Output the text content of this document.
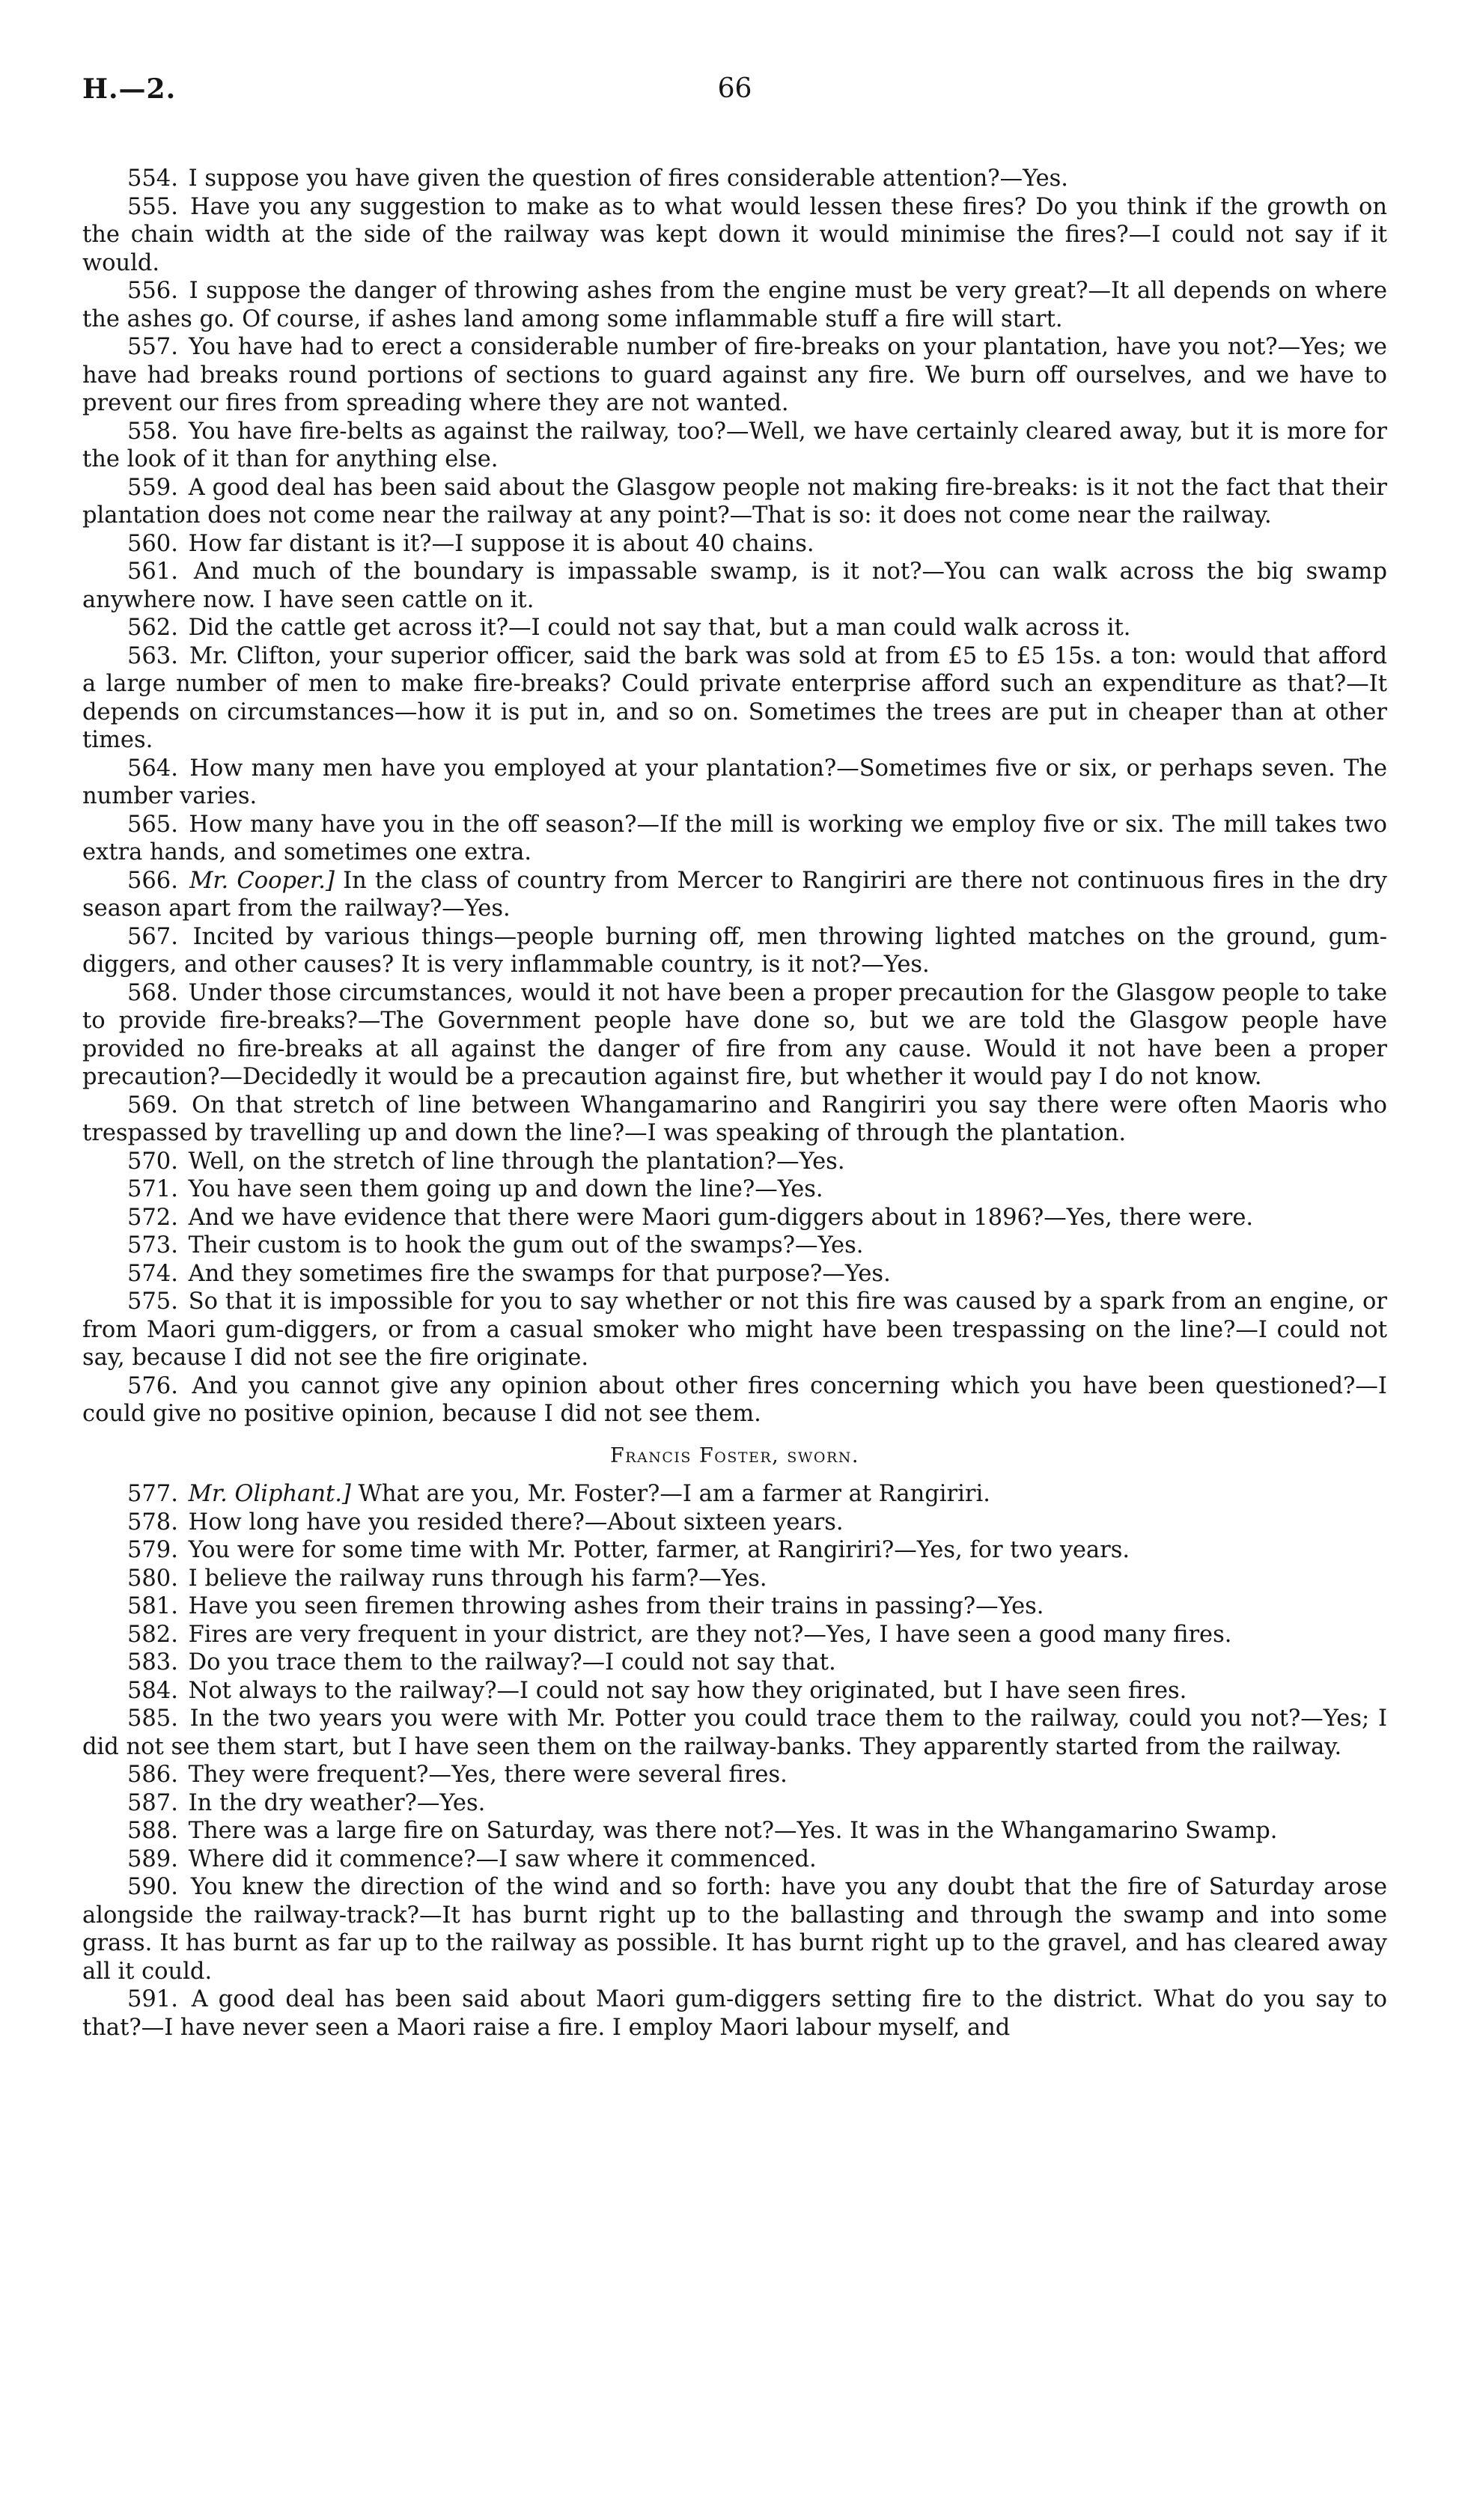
H.—2.	66

554. I suppose you have given the question of fires considerable attention?—Yes.

555. Have you any suggestion to make as to what would lessen these fires? Do you think if the growth on the chain width at the side of the railway was kept down it would minimise the fires?—I could not say if it would.

556. I suppose the danger of throwing ashes from the engine must be very great?—It all depends on where the ashes go. Of course, if ashes land among some inflammable stuff a fire will start.

557. You have had to erect a considerable number of fire-breaks on your plantation, have you not?—Yes; we have had breaks round portions of sections to guard against any fire. We burn off ourselves, and we have to prevent our fires from spreading where they are not wanted.

558. You have fire-belts as against the railway, too?—Well, we have certainly cleared away, but it is more for the look of it than for anything else.

559. A good deal has been said about the Glasgow people not making fire-breaks: is it not the fact that their plantation does not come near the railway at any point?—That is so: it does not come near the railway.

560. How far distant is it?—I suppose it is about 40 chains.

561. And much of the boundary is impassable swamp, is it not?—You can walk across the big swamp anywhere now. I have seen cattle on it.

562. Did the cattle get across it?—I could not say that, but a man could walk across it.

563. Mr. Clifton, your superior officer, said the bark was sold at from £5 to £5 15s. a ton: would that afford a large number of men to make fire-breaks? Could private enterprise afford such an expenditure as that?—It depends on circumstances—how it is put in, and so on. Sometimes the trees are put in cheaper than at other times.

564. How many men have you employed at your plantation?—Sometimes five or six, or perhaps seven. The number varies.

565. How many have you in the off season?—If the mill is working we employ five or six. The mill takes two extra hands, and sometimes one extra.

566. Mr. Cooper.] In the class of country from Mercer to Rangiriri are there not continuous fires in the dry season apart from the railway?—Yes.

567. Incited by various things—people burning off, men throwing lighted matches on the ground, gum-diggers, and other causes? It is very inflammable country, is it not?—Yes.

568. Under those circumstances, would it not have been a proper precaution for the Glasgow people to take to provide fire-breaks?—The Government people have done so, but we are told the Glasgow people have provided no fire-breaks at all against the danger of fire from any cause. Would it not have been a proper precaution?—Decidedly it would be a precaution against fire, but whether it would pay I do not know.

569. On that stretch of line between Whangamarino and Rangiriri you say there were often Maoris who trespassed by travelling up and down the line?—I was speaking of through the plantation.

570. Well, on the stretch of line through the plantation?—Yes.

571. You have seen them going up and down the line?—Yes.

572. And we have evidence that there were Maori gum-diggers about in 1896?—Yes, there were.

573. Their custom is to hook the gum out of the swamps?—Yes.

574. And they sometimes fire the swamps for that purpose?—Yes.

575. So that it is impossible for you to say whether or not this fire was caused by a spark from an engine, or from Maori gum-diggers, or from a casual smoker who might have been trespassing on the line?—I could not say, because I did not see the fire originate.

576. And you cannot give any opinion about other fires concerning which you have been questioned?—I could give no positive opinion, because I did not see them.

Francis Foster, sworn.

577. Mr. Oliphant.] What are you, Mr. Foster?—I am a farmer at Rangiriri.

578. How long have you resided there?—About sixteen years.

579. You were for some time with Mr. Potter, farmer, at Rangiriri?—Yes, for two years.

580. I believe the railway runs through his farm?—Yes.

581. Have you seen firemen throwing ashes from their trains in passing?—Yes.

582. Fires are very frequent in your district, are they not?—Yes, I have seen a good many fires.

583. Do you trace them to the railway?—I could not say that.

584. Not always to the railway?—I could not say how they originated, but I have seen fires.

585. In the two years you were with Mr. Potter you could trace them to the railway, could you not?—Yes; I did not see them start, but I have seen them on the railway-banks. They apparently started from the railway.

586. They were frequent?—Yes, there were several fires.

587. In the dry weather?—Yes.

588. There was a large fire on Saturday, was there not?—Yes. It was in the Whangamarino Swamp.

589. Where did it commence?—I saw where it commenced.

590. You knew the direction of the wind and so forth: have you any doubt that the fire of Saturday arose alongside the railway-track?—It has burnt right up to the ballasting and through the swamp and into some grass. It has burnt as far up to the railway as possible. It has burnt right up to the gravel, and has cleared away all it could.

591. A good deal has been said about Maori gum-diggers setting fire to the district. What do you say to that?—I have never seen a Maori raise a fire. I employ Maori labour myself, and
